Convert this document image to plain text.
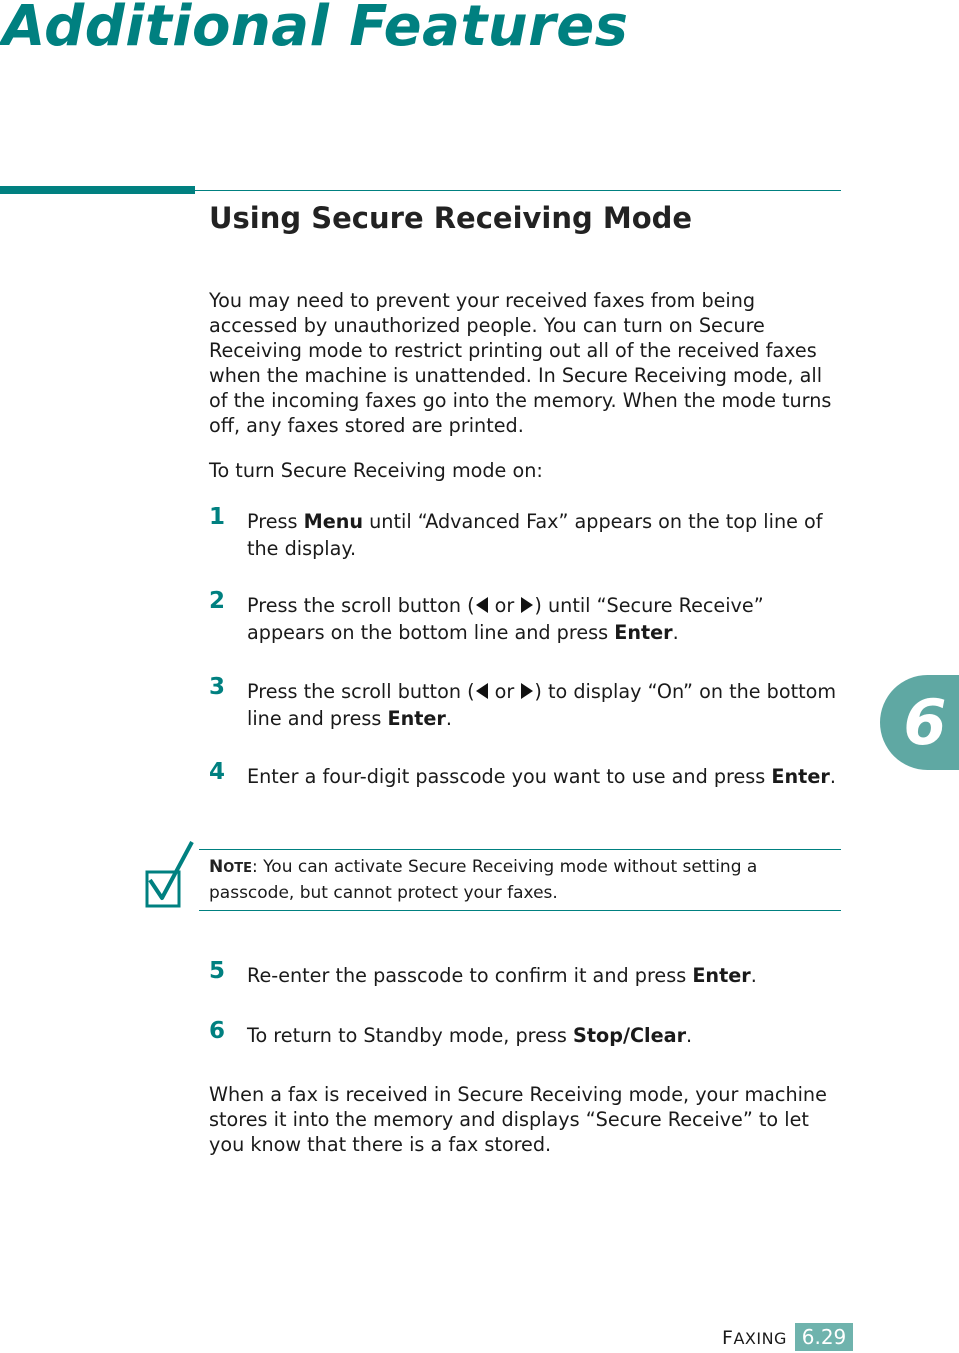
Additional Features
Using Secure Receiving Mode

You may need to prevent your received faxes from being accessed by unauthorized people. You can turn on Secure Receiving mode to restrict printing out all of the received faxes when the machine is unattended. In Secure Receiving mode, all of the incoming faxes go into the memory. When the mode turns off, any faxes stored are printed.

To turn Secure Receiving mode on:

1 Press Menu until “Advanced Fax” appears on the top line of the display.

2 Press the scroll button ( or ) until “Secure Receive” appears on the bottom line and press Enter.

3 Press the scroll button ( or ) to display “On” on the bottom line and press Enter.

4 Enter a four-digit passcode you want to use and press Enter.

NOTE: You can activate Secure Receiving mode without setting a passcode, but cannot protect your faxes.

5 Re-enter the passcode to confirm it and press Enter.

6 To return to Standby mode, press Stop/Clear.

When a fax is received in Secure Receiving mode, your machine stores it into the memory and displays “Secure Receive” to let you know that there is a fax stored.

6
FAXING 6.29
